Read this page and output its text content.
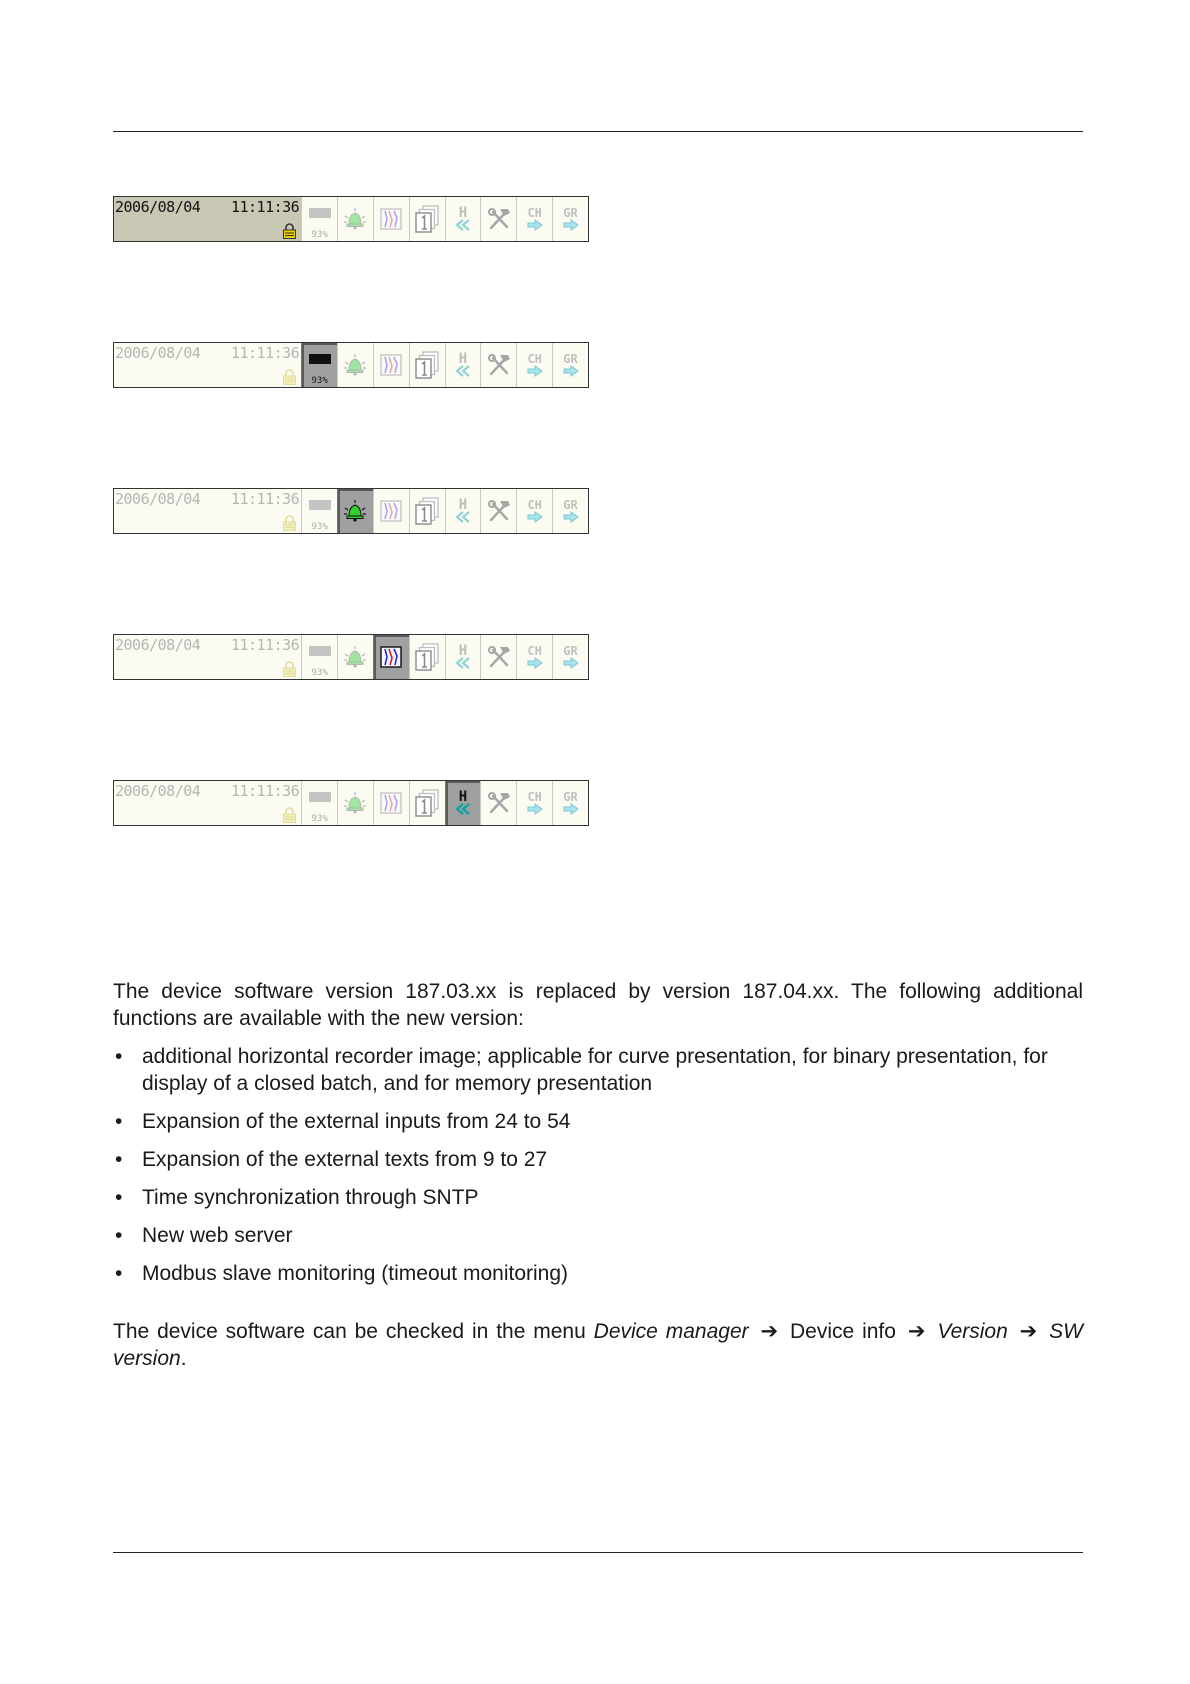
2006/08/04 11:11:36
93%
H	CH GR
2006/08/04 11:11:36
93%
H	CH GR
2006/08/04 11:11:36
93%
H	CH GR
2006/08/04 11:11:36
93%
H	CH GR
2006/08/04 11:11:36
93%
H	CH GR
The device software version 187.03.xx is replaced by version 187.04.xx. The following additional functions are available with the new version:
• additional horizontal recorder image; applicable for curve presentation, for binary presentation, for display of a closed batch, and for memory presentation
• Expansion of the external inputs from 24 to 54
• Expansion of the external texts from 9 to 27
• Time synchronization through SNTP
• New web server
• Modbus slave monitoring (timeout monitoring)
The device software can be checked in the menu Device manager ➔ Device info ➔ Version ➔ SW version.
